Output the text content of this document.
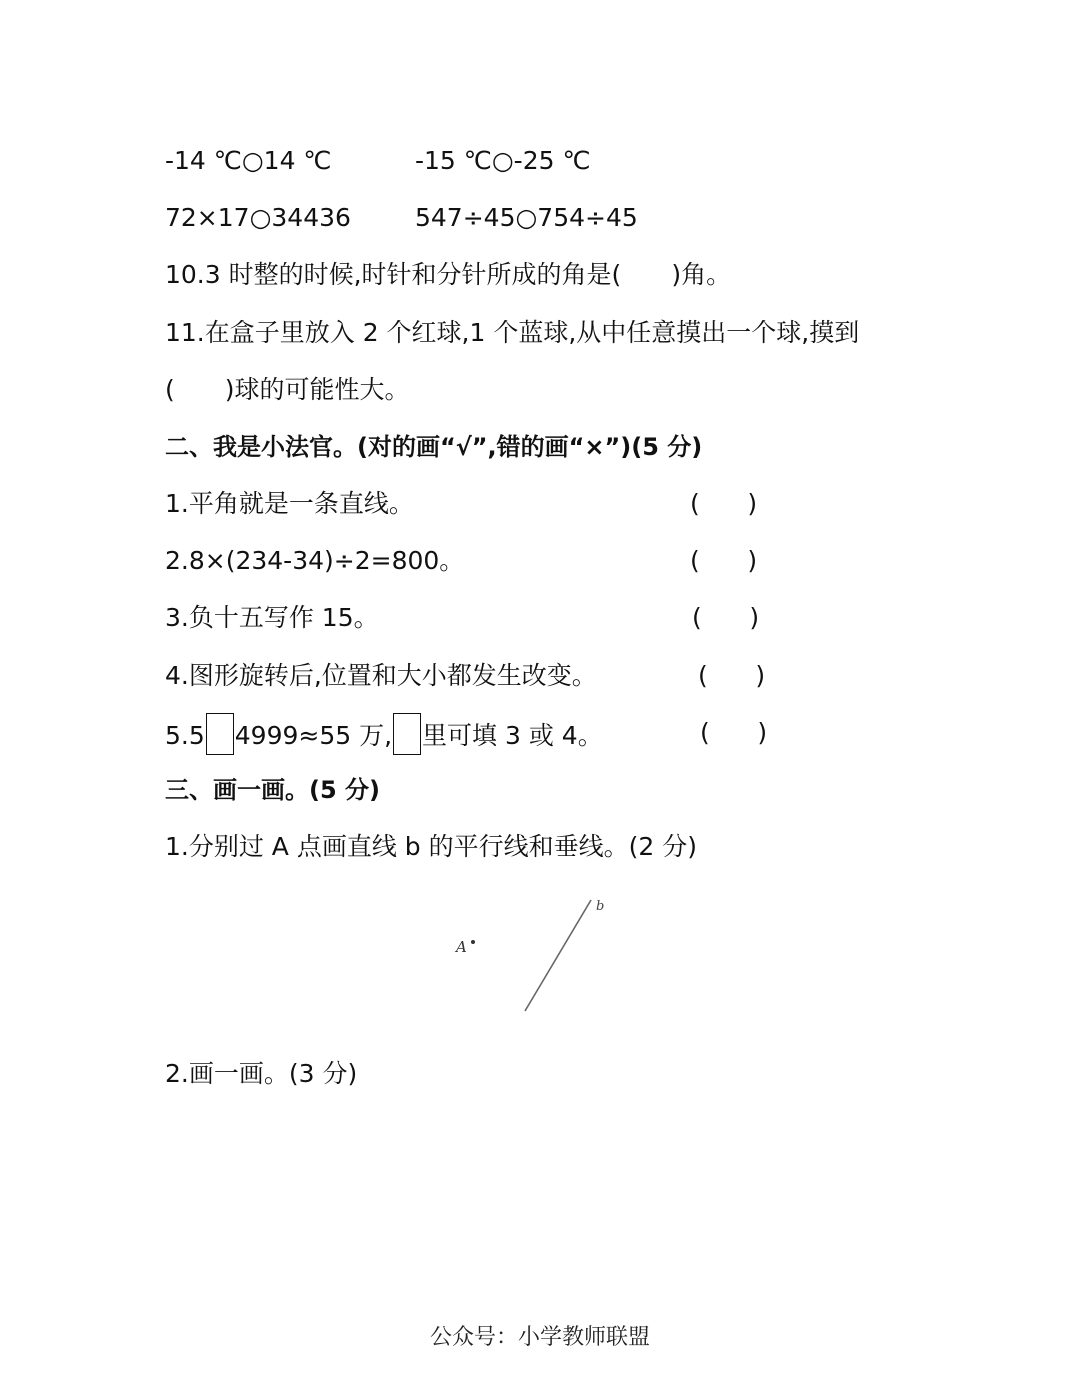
-14 ℃○14 ℃	-15 ℃○-25 ℃
72×17○34436	547÷45○754÷45
10.3 时整的时候,时针和分针所成的角是(　　)角。
11.在盒子里放入 2 个红球,1 个蓝球,从中任意摸出一个球,摸到
(　　)球的可能性大。
二、我是小法官。(对的画“√”,错的画“×”)(5 分)
1.平角就是一条直线。	(      )
2.8×(234-34)÷2=800。	(      )
3.负十五写作 15。	(      )
4.图形旋转后,位置和大小都发生改变。	(      )
5.5 4999≈55 万, 里可填 3 或 4。	(      )
三、画一画。(5 分)
1.分别过 A 点画直线 b 的平行线和垂线。(2 分)
A
b
2.画一画。(3 分)
公众号：小学教师联盟
